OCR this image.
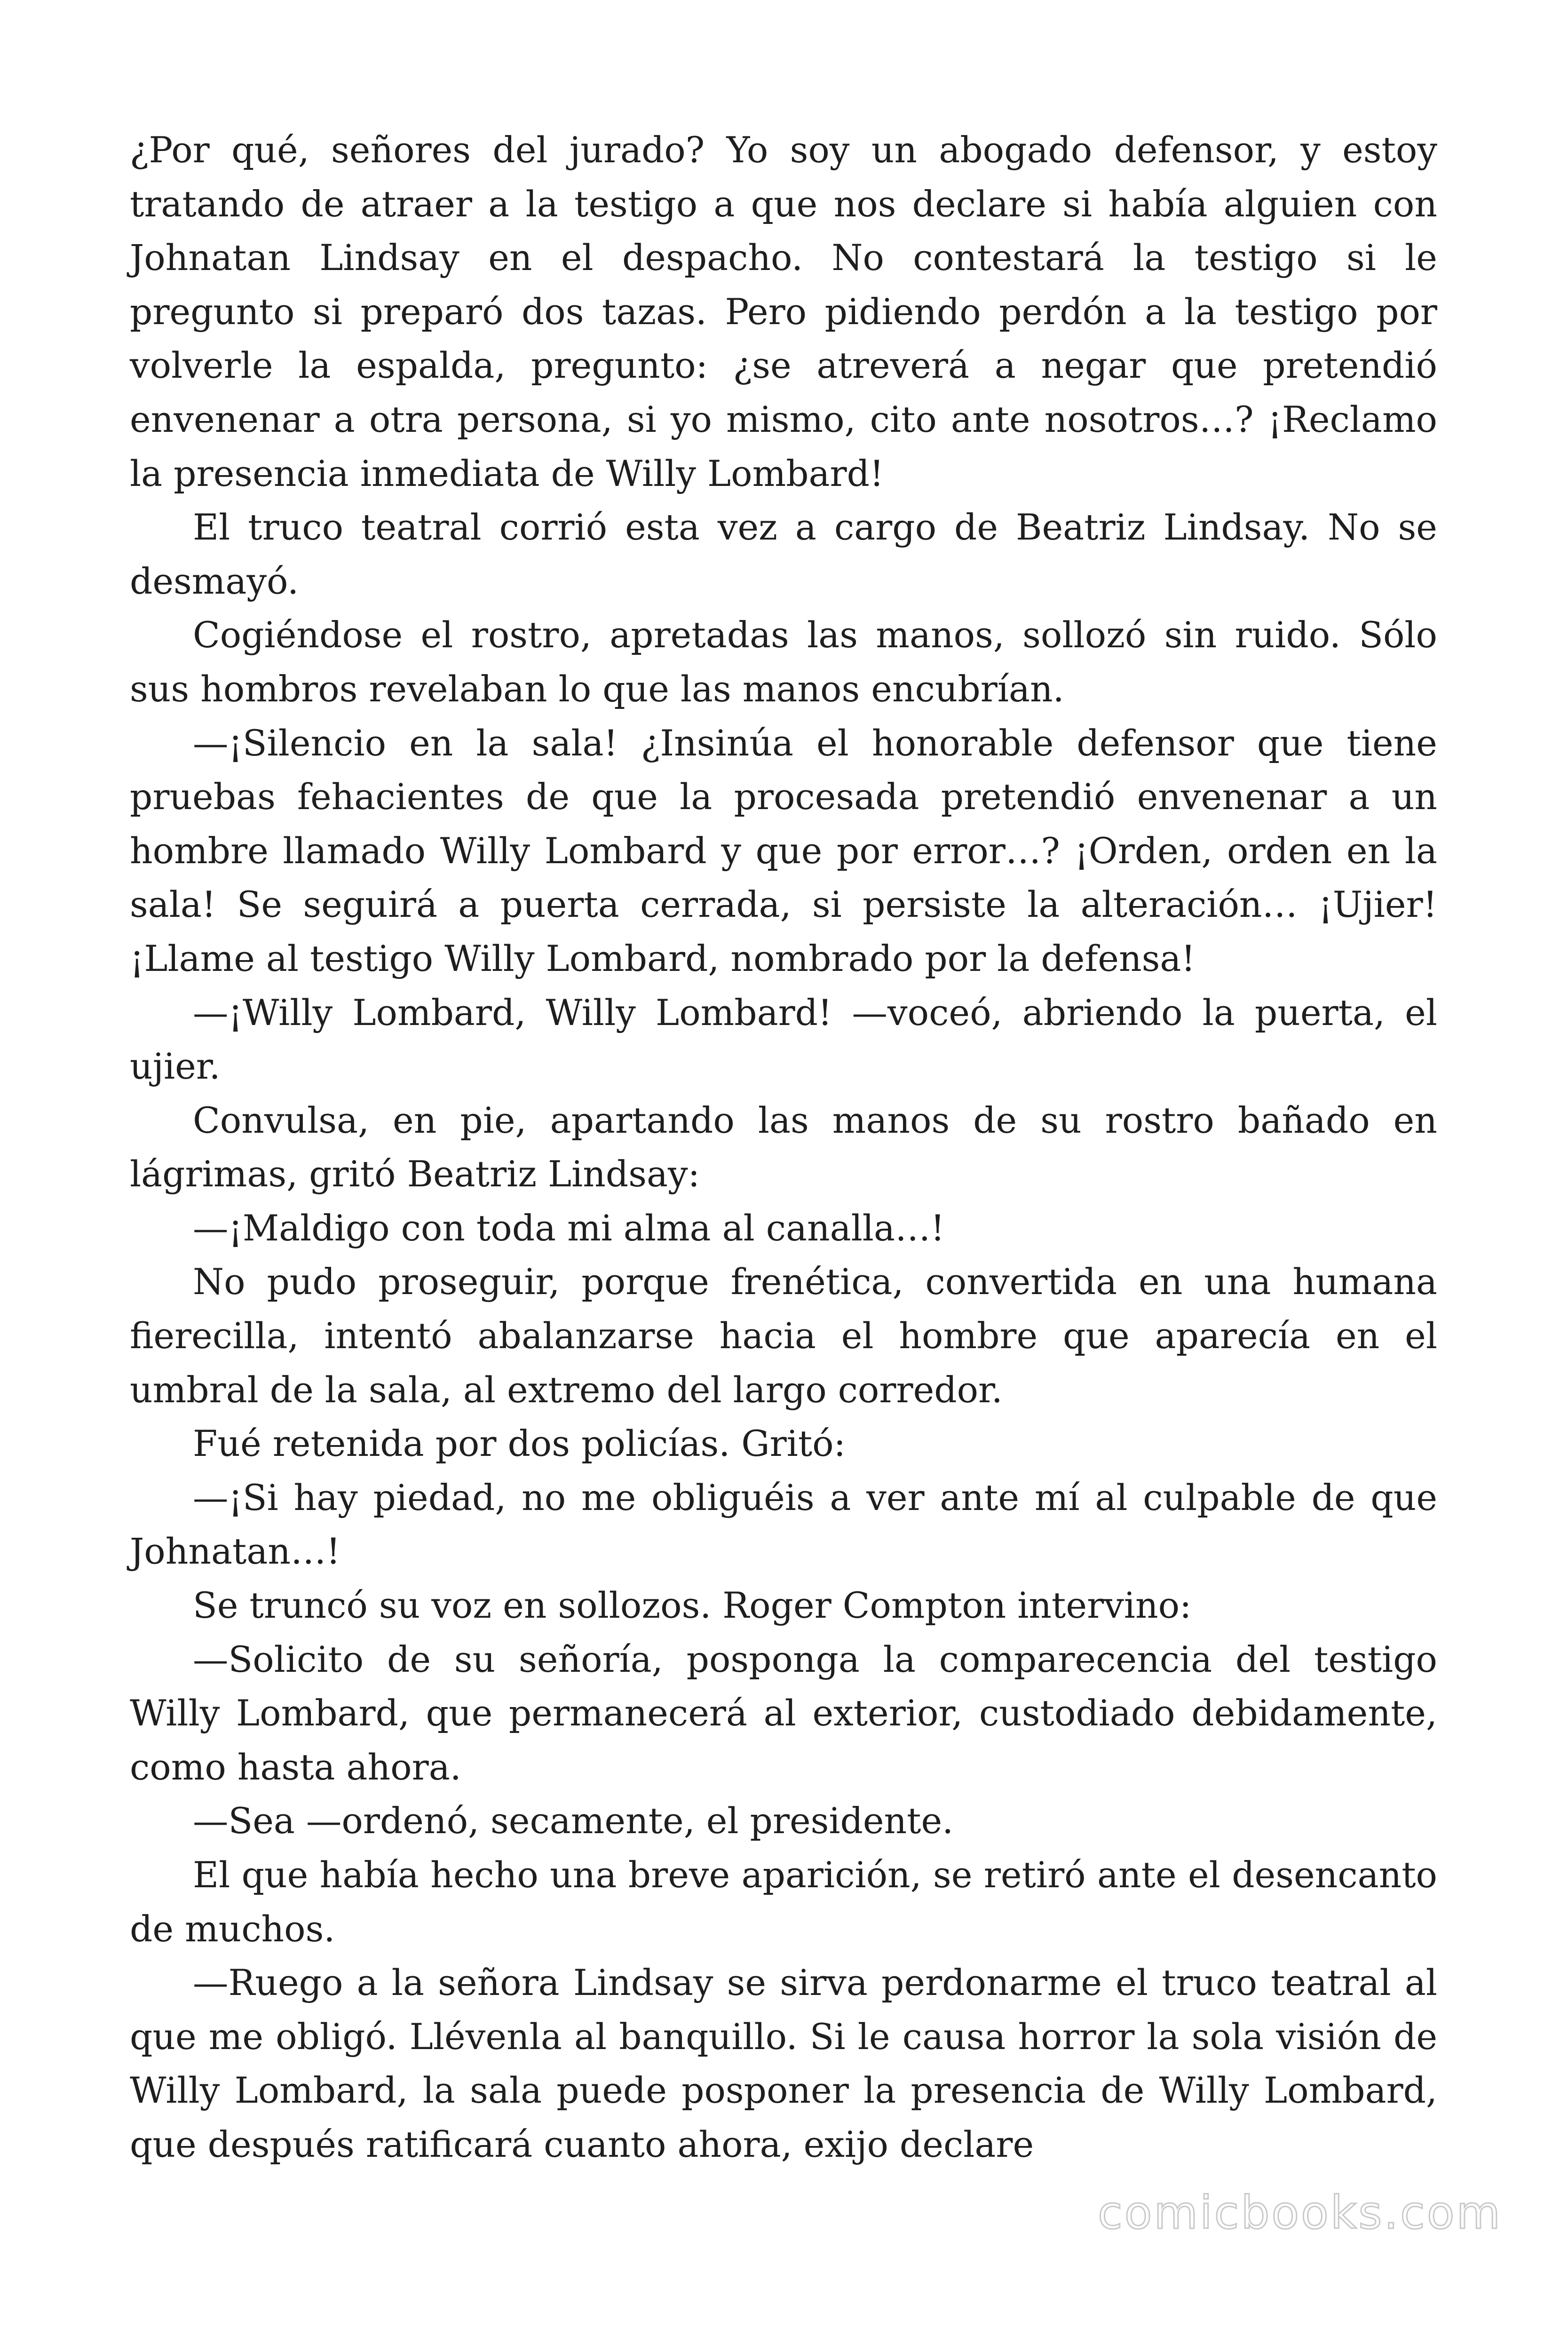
¿Por qué, señores del jurado? Yo soy un abogado defensor, y estoy tratando de atraer a la testigo a que nos declare si había alguien con Johnatan Lindsay en el despacho. No contestará la testigo si le pregunto si preparó dos tazas. Pero pidiendo perdón a la testigo por volverle la espalda, pregunto: ¿se atreverá a negar que pretendió envenenar a otra persona, si yo mismo, cito ante nosotros…? ¡Reclamo la presencia inmediata de Willy Lombard!

El truco teatral corrió esta vez a cargo de Beatriz Lindsay. No se desmayó.

Cogiéndose el rostro, apretadas las manos, sollozó sin ruido. Sólo sus hombros revelaban lo que las manos encubrían.

—¡Silencio en la sala! ¿Insinúa el honorable defensor que tiene pruebas fehacientes de que la procesada pretendió envenenar a un hombre llamado Willy Lombard y que por error…? ¡Orden, orden en la sala! Se seguirá a puerta cerrada, si persiste la alteración… ¡Ujier! ¡Llame al testigo Willy Lombard, nombrado por la defensa!

—¡Willy Lombard, Willy Lombard! —voceó, abriendo la puerta, el ujier.

Convulsa, en pie, apartando las manos de su rostro bañado en lágrimas, gritó Beatriz Lindsay:

—¡Maldigo con toda mi alma al canalla…!

No pudo proseguir, porque frenética, convertida en una humana fierecilla, intentó abalanzarse hacia el hombre que aparecía en el umbral de la sala, al extremo del largo corredor.

Fué retenida por dos policías. Gritó:

—¡Si hay piedad, no me obliguéis a ver ante mí al culpable de que Johnatan…!

Se truncó su voz en sollozos. Roger Compton intervino:

—Solicito de su señoría, posponga la comparecencia del testigo Willy Lombard, que permanecerá al exterior, custodiado debidamente, como hasta ahora.

—Sea —ordenó, secamente, el presidente.

El que había hecho una breve aparición, se retiró ante el desencanto de muchos.

—Ruego a la señora Lindsay se sirva perdonarme el truco teatral al que me obligó. Llévenla al banquillo. Si le causa horror la sola visión de Willy Lombard, la sala puede posponer la presencia de Willy Lombard, que después ratificará cuanto ahora, exijo declare

comicbooks.com
